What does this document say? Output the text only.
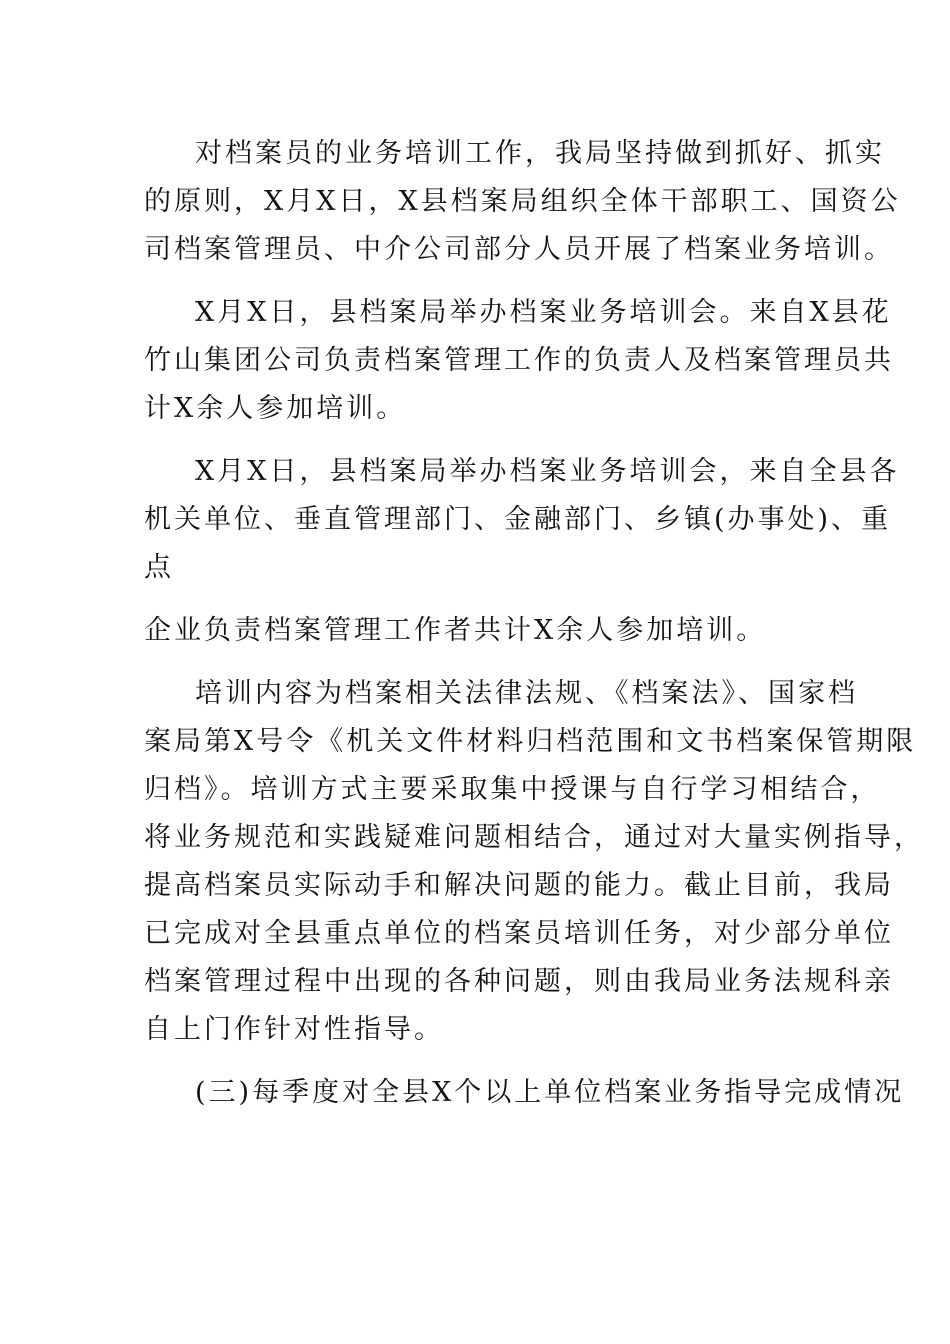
对档案员的业务培训工作，我局坚持做到抓好、抓实
的原则，X月X日，X县档案局组织全体干部职工、国资公
司档案管理员、中介公司部分人员开展了档案业务培训。
X月X日，县档案局举办档案业务培训会。来自X县花
竹山集团公司负责档案管理工作的负责人及档案管理员共
计X余人参加培训。
X月X日，县档案局举办档案业务培训会，来自全县各
机关单位、垂直管理部门、金融部门、乡镇(办事处)、重
点
企业负责档案管理工作者共计X余人参加培训。
培训内容为档案相关法律法规、《档案法》、国家档
案局第X号令《机关文件材料归档范围和文书档案保管期限
归档》。培训方式主要采取集中授课与自行学习相结合，
将业务规范和实践疑难问题相结合，通过对大量实例指导，
提高档案员实际动手和解决问题的能力。截止目前，我局
已完成对全县重点单位的档案员培训任务，对少部分单位
档案管理过程中出现的各种问题，则由我局业务法规科亲
自上门作针对性指导。
(三)每季度对全县X个以上单位档案业务指导完成情况
